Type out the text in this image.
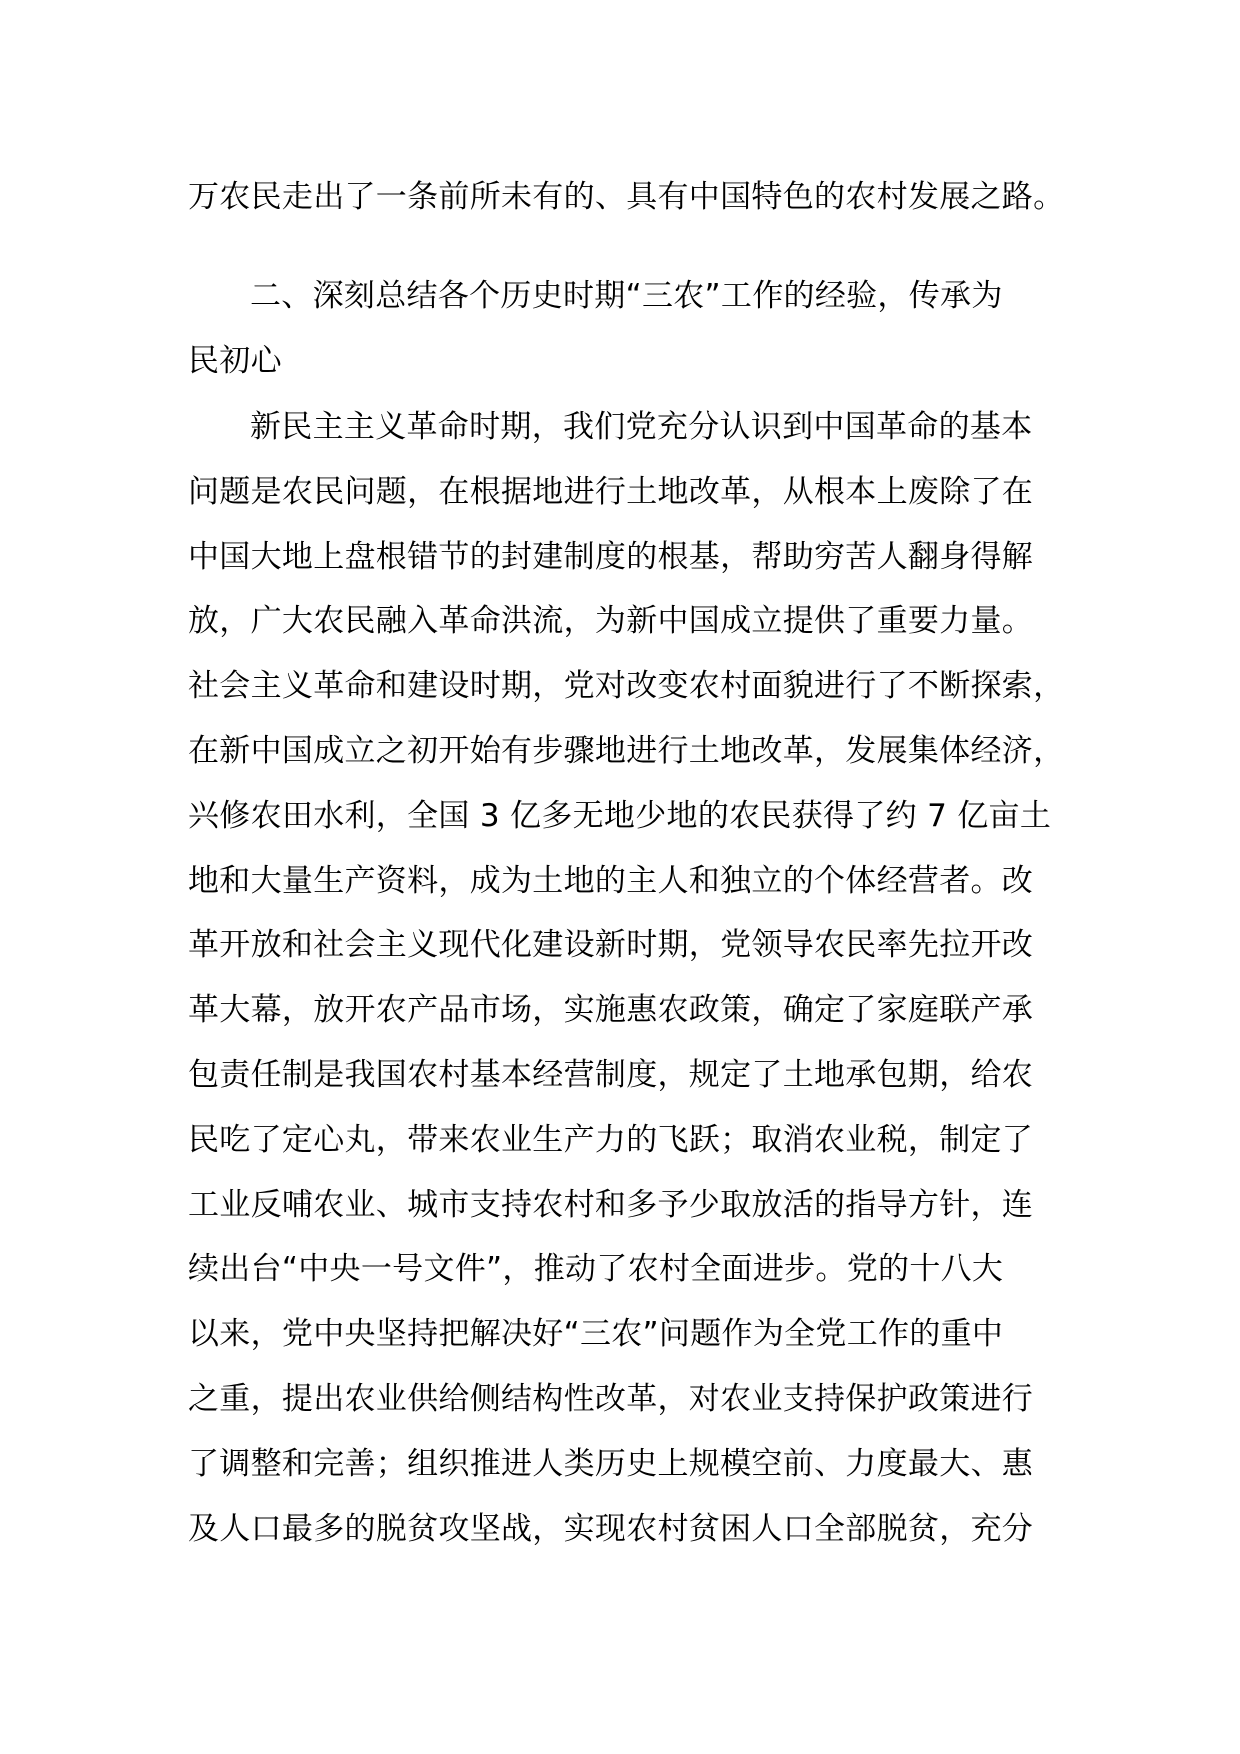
万农民走出了一条前所未有的、具有中国特色的农村发展之路。
二、深刻总结各个历史时期“三农”工作的经验，传承为
民初心
新民主主义革命时期，我们党充分认识到中国革命的基本
问题是农民问题，在根据地进行土地改革，从根本上废除了在
中国大地上盘根错节的封建制度的根基，帮助穷苦人翻身得解
放，广大农民融入革命洪流，为新中国成立提供了重要力量。
社会主义革命和建设时期，党对改变农村面貌进行了不断探索，
在新中国成立之初开始有步骤地进行土地改革，发展集体经济，
兴修农田水利，全国 3 亿多无地少地的农民获得了约 7 亿亩土
地和大量生产资料，成为土地的主人和独立的个体经营者。改
革开放和社会主义现代化建设新时期，党领导农民率先拉开改
革大幕，放开农产品市场，实施惠农政策，确定了家庭联产承
包责任制是我国农村基本经营制度，规定了土地承包期，给农
民吃了定心丸，带来农业生产力的飞跃；取消农业税，制定了
工业反哺农业、城市支持农村和多予少取放活的指导方针，连
续出台“中央一号文件”，推动了农村全面进步。党的十八大
以来，党中央坚持把解决好“三农”问题作为全党工作的重中
之重，提出农业供给侧结构性改革，对农业支持保护政策进行
了调整和完善；组织推进人类历史上规模空前、力度最大、惠
及人口最多的脱贫攻坚战，实现农村贫困人口全部脱贫，充分
